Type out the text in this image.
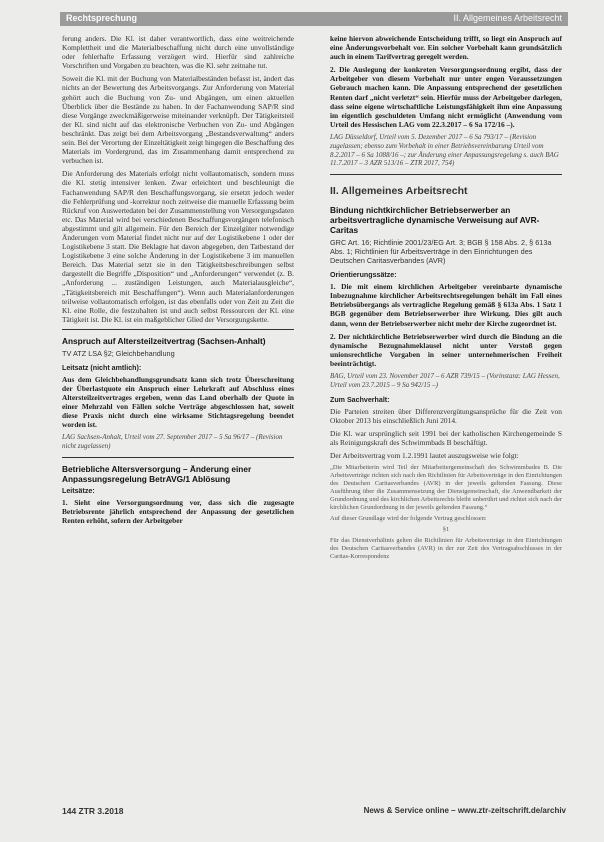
Rechtsprechung	II. Allgemeines Arbeitsrecht

ferung anders. Die Kl. ist daher verantwortlich, dass eine weitreichende Komplettheit und die Materialbeschaffung nicht durch eine unvollständige oder fehlerhafte Erfassung verzögert wird. Hierfür sind zahlreiche Vorschriften und Vorgaben zu beachten, was die Kl. sehr zeitnahe tut.

Soweit die Kl. mit der Buchung von Materialbeständen befasst ist, ändert das nichts an der Bewertung des Arbeitsvorgangs. Zur Anforderung von Material gehört auch die Buchung von Zu- und Abgängen, um einen aktuellen Überblick über die Bestände zu haben. In der Fachanwendung SAP/R sind diese Vorgänge zweckmäßigerweise miteinander verknüpft. Der Tätigkeitsteil der Kl. sind nicht auf das elektronische Verbuchen von Zu- und Abgängen beschränkt. Das zeigt bei dem Arbeitsvorgang „Bestandsverwaltung“ anders sein. Bei der Verortung der Einzeltätigkeit zeigt hingegen die Beschaffung des Materials im Vordergrund, das im Zusammenhang damit entsprechend zu verbuchen ist.

Die Anforderung des Materials erfolgt nicht vollautomatisch, sondern muss die Kl. stetig intensiver lenken. Zwar erleichtert und beschleunigt die Fachanwendung SAP/R den Beschaffungsvorgang, sie ersetzt jedoch weder die Fehlerprüfung und -korrektur noch zeitweise die manuelle Erfassung beim Rückruf von Auswertedaten bei der Zusammenstellung von Versorgungsdaten etc. Das Material wird bei verschiedenen Beschaffungsvorgängen telefonisch abgestimmt und gilt allgemein. Für den Bereich der Einzelgüter notwendige Änderungen vom Material findet nicht nur auf der Logistikebene 1 oder der Logistikebene 3 statt. Die Beklagte hat davon abgegeben, den Tatbestand der Logistikebene 3 eine solche Änderung in der Logistikebene 3 im manuellen Bereich. Das Material setzt sie in den Tätigkeitsbeschreibungen selbst dargestellt die Begriffe „Disposition“ und „Anforderungen“ verwendet (z. B. „Anforderung ... zuständigen Leistungen, auch Materialausgleiche“, „Tätigkeitsbereich mit Beschaffungen“). Wenn auch Materialanforderungen teilweise vollautomatisch erfolgen, ist das ebenfalls oder von Zeit zu Zeit die Kl. eine Rolle, die festzuhalten ist und auch selbst Ressourcen der Kl. eine Tätigkeit ist. Die Kl. ist ein maßgeblicher Glied der Versorgungskette.

Anspruch auf Altersteilzeitvertrag (Sachsen-Anhalt)
TV ATZ LSA §2; Gleichbehandlung
Leitsatz (nicht amtlich):

Aus dem Gleichbehandlungsgrundsatz kann sich trotz Überschreitung der Überlastquote ein Anspruch einer Lehrkraft auf Abschluss eines Altersteilzeitvertrages ergeben, wenn das Land oberhalb der Quote in einer Mehrzahl von Fällen solche Verträge abgeschlossen hat, soweit diese Praxis nicht durch eine wirksame Stichtagsregelung beendet worden ist.

LAG Sachsen-Anhalt, Urteil vom 27. September 2017 – 5 Sa 96/17 – (Revision nicht zugelassen)

Betriebliche Altersversorgung – Änderung einer Anpassungsregelung BetrAVG/1 Ablösung
Leitsätze:

1. Sieht eine Versorgungsordnung vor, dass sich die zugesagte Betriebsrente jährlich entsprechend der Anpassung der gesetzlichen Renten erhöht, sofern der Arbeitgeber

keine hiervon abweichende Entscheidung trifft, so liegt ein Anspruch auf eine Änderungsvorbehalt vor. Ein solcher Vorbehalt kann grundsätzlich auch in einem Tarifvertrag geregelt werden.

2. Die Auslegung der konkreten Versorgungsordnung ergibt, dass der Arbeitgeber von diesem Vorbehalt nur unter engen Voraussetzungen Gebrauch machen kann. Die Anpassung entsprechend der gesetzlichen Renten darf „nicht verletzt“ sein. Hierfür muss der Arbeitgeber darlegen, dass seine eigene wirtschaftliche Leistungsfähigkeit ihm eine Anpassung im eigentlich geschuldeten Umfang nicht ermöglicht (Anwendung vom Urteil des Hessischen LAG vom 22.3.2017 – 6 Sa 172/16 –).

LAG Düsseldorf, Urteil vom 5. Dezember 2017 – 6 Sa 793/17 – (Revision zugelassen; ebenso zum Vorbehalt in einer Betriebsvereinbarung Urteil vom 8.2.2017 – 6 Sa 1088/16 –; zur Änderung einer Anpassungsregelung s. auch BAG 11.7.2017 – 3 AZR 513/16 – ZTR 2017, 754)

II. Allgemeines Arbeitsrecht
Bindung nichtkirchlicher Betriebserwerber an arbeitsvertragliche dynamische Verweisung auf AVR-Caritas
GRC Art. 16; Richtlinie 2001/23/EG Art. 3; BGB § 158 Abs. 2, § 613a Abs. 1; Richtlinien für Arbeitsverträge in den Einrichtungen des Deutschen Caritasverbandes (AVR)
Orientierungssätze:

1. Die mit einem kirchlichen Arbeitgeber vereinbarte dynamische Inbezugnahme kirchlicher Arbeitsrechtsregelungen behält im Fall eines Betriebsübergangs als vertragliche Regelung gemäß § 613a Abs. 1 Satz 1 BGB gegenüber dem Betriebserwerber ihre Wirkung. Dies gilt auch dann, wenn der Betriebserwerber nicht mehr der Kirche zugeordnet ist.

2. Der nichtkirchliche Betriebserwerber wird durch die Bindung an die dynamische Bezugnahmeklausel nicht unter Verstoß gegen unionsrechtliche Vorgaben in seiner unternehmerischen Freiheit beeinträchtigt.

BAG, Urteil vom 23. November 2017 – 6 AZR 739/15 – (Vorinstanz: LAG Hessen, Urteil vom 23.7.2015 – 9 Sa 942/15 –)

Zum Sachverhalt:

Die Parteien streiten über Differenzvergütungsansprüche für die Zeit von Oktober 2013 bis einschließlich Juni 2014.

Die Kl. war ursprünglich seit 1991 bei der katholischen Kirchengemeinde S als Reinigungskraft des Schwimmbads B beschäftigt.

Der Arbeitsvertrag vom 1.2.1991 lautet auszugsweise wie folgt:

„Die Mitarbeiterin wird Teil der Mitarbeitergemeinschaft des Schwimmbades B. Die Arbeitsverträge richten sich nach den Richtlinien für Arbeitsverträge in den Einrichtungen des Deutschen Caritasverbandes (AVR) in der jeweils geltenden Fassung. Diese Ausführung über die Zusammensetzung der Dienstgemeinschaft, die Anwendbarkeit der Grundordnung und des kirchlichen Arbeitsrechts bleibt unberührt und richtet sich nach der kirchlichen Grundordnung in der jeweils geltenden Fassung.“

Auf dieser Grundlage wird der folgende Vertrag geschlossen:

§1

Für das Dienstverhältnis gelten die Richtlinien für Arbeitsverträge in den Einrichtungen des Deutschen Caritasverbandes (AVR) in der zur Zeit des Vertragsabschlusses in der Caritas-Korrespondenz

144 ZTR 3.2018	News & Service online – www.ztr-zeitschrift.de/archiv
